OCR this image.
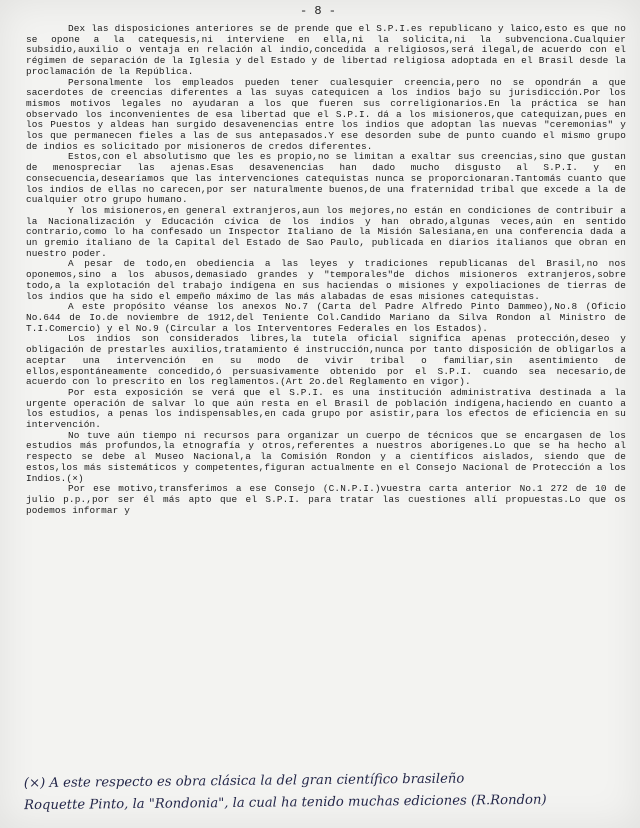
- 8 -

Dex las disposiciones anteriores se de prende que el S.P.I.es republicano y laico,esto es que no se opone a la catequesis,ni interviene en ella,ni la solicita,ni la subvenciona.Cualquier subsidio,auxilio o ventaja en relación al indio,concedida a religiosos,será ilegal,de acuerdo con el régimen de separación de la Iglesia y del Estado y de libertad religiosa adoptada en el Brasil desde la proclamación de la República.

Personalmente los empleados pueden tener cualesquier creencia,pero no se opondrán a que sacerdotes de creencias diferentes a las suyas catequicen a los indios bajo su jurisdicción.Por los mismos motivos legales no ayudaran a los que fueren sus correligionarios.En la práctica se han observado los inconvenientes de esa libertad que el S.P.I. dá a los misioneros,que catequizan,pues en los Puestos y aldeas han surgido desavenencias entre los indios que adoptan las nuevas "ceremonias" y los que permanecen fieles a las de sus antepasados.Y ese desorden sube de punto cuando el mismo grupo de indios es solicitado por misioneros de credos diferentes.

Estos,con el absolutismo que les es propio,no se limitan a exaltar sus creencias,sino que gustan de menospreciar las ajenas.Esas desavenencias han dado mucho disgusto al S.P.I. y en consecuencia,desearíamos que las intervenciones catequistas nunca se proporcionaran.Tantomás cuanto que los indios de ellas no carecen,por ser naturalmente buenos,de una fraternidad tribal que excede a la de cualquier otro grupo humano.

Y los misioneros,en general extranjeros,aun los mejores,no están en condiciones de contribuir a la Nacionalización y Educación cívica de los indios y han obrado,algunas veces,aún en sentido contrario,como lo ha confesado un Inspector Italiano de la Misión Salesiana,en una conferencia dada a un gremio italiano de la Capital del Estado de Sao Paulo, publicada en diarios italianos que obran en nuestro poder.

A pesar de todo,en obediencia a las leyes y tradiciones republicanas del Brasil,no nos oponemos,sino a los abusos,demasiado grandes y "temporales"de dichos misioneros extranjeros,sobre todo,a la explotación del trabajo indígena en sus haciendas o misiones y expoliaciones de tierras de los indios que ha sido el empeño máximo de las más alabadas de esas misiones catequistas.

A este propósito véanse los anexos No.7 (Carta del Padre Alfredo Pinto Dammeo),No.8 (Oficio No.644 de Io.de noviembre de 1912,del Teniente Col.Candido Mariano da Silva Rondon al Ministro de T.I.Comercio) y el No.9 (Circular a los Interventores Federales en los Estados).

Los indios son considerados libres,la tutela oficial significa apenas protección,deseo y obligación de prestarles auxilios,tratamiento é instrucción,nunca por tanto disposición de obligarlos a aceptar una intervención en su modo de vivir tribal o familiar,sin asentimiento de ellos,espontáneamente concedido,ó persuasivamente obtenido por el S.P.I. cuando sea necesario,de acuerdo con lo prescrito en los reglamentos.(Art 2o.del Reglamento en vigor).

Por esta exposición se verá que el S.P.I. es una institución administrativa destinada a la urgente operación de salvar lo que aún resta en el Brasil de población indígena,haciendo en cuanto a los estudios, a penas los indispensables,en cada grupo por asistir,para los efectos de eficiencia en su intervención.

No tuve aún tiempo ni recursos para organizar un cuerpo de técnicos que se encargasen de los estudios más profundos,la etnografía y otros,referentes a nuestros aborígenes.Lo que se ha hecho al respecto se debe al Museo Nacional,a la Comisión Rondon y a científicos aislados, siendo que de estos,los más sistemáticos y competentes,figuran actualmente en el Consejo Nacional de Protección a los Indios.(×)

Por ese motivo,transferimos a ese Consejo (C.N.P.I.)vuestra carta anterior No.1 272 de 10 de julio p.p.,por ser él más apto que el S.P.I. para tratar las cuestiones allí propuestas.Lo que os podemos informar y

(×) A este respecto es obra clásica la del gran científico brasileño

Roquette Pinto, la "Rondonia", la cual ha tenido muchas ediciones (R.Rondon)
